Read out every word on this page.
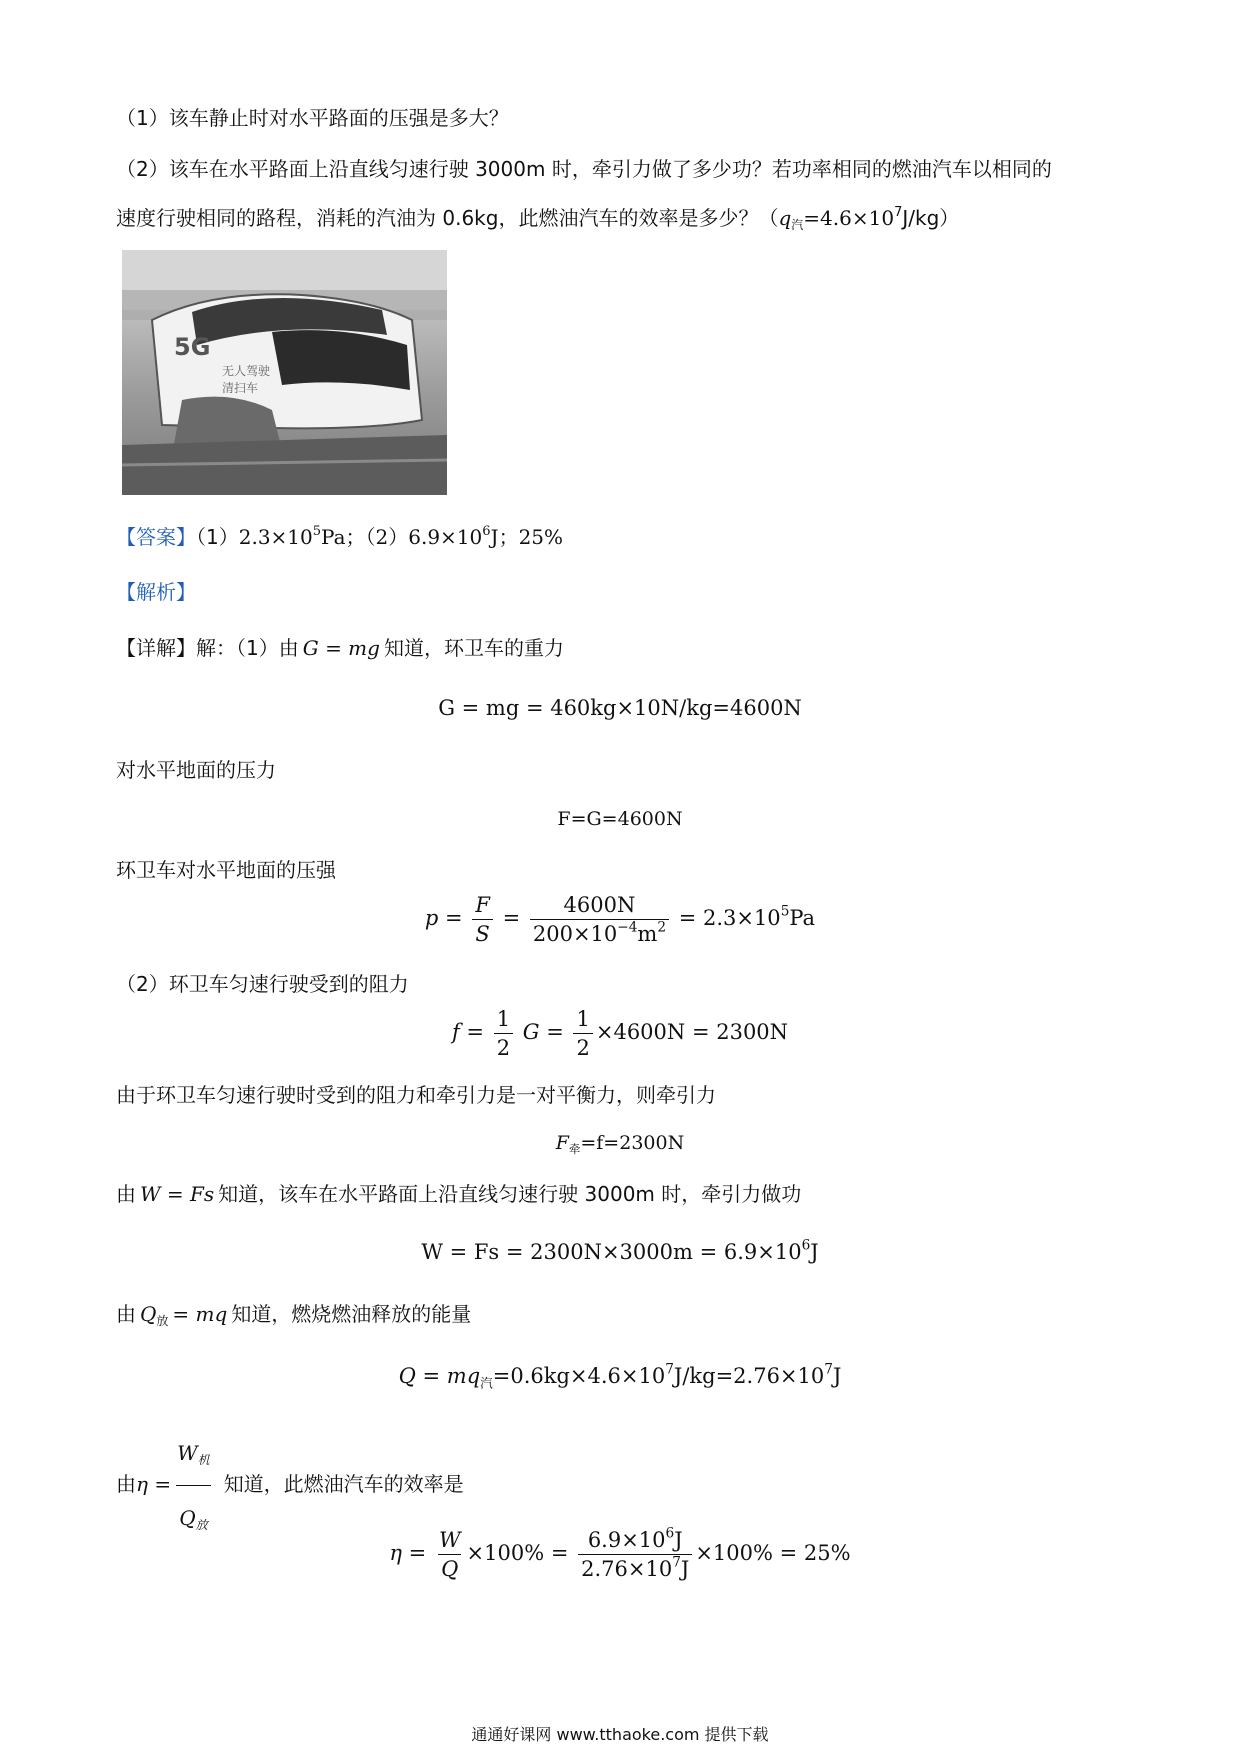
（1）该车静止时对水平路面的压强是多大？
（2）该车在水平路面上沿直线匀速行驶 3000m 时，牵引力做了多少功？若功率相同的燃油汽车以相同的
速度行驶相同的路程，消耗的汽油为 0.6kg，此燃油汽车的效率是多少？$(q_汽=4.6\times 10^7J/kg)$
5G
无人驾驶
清扫车
【答案】$(1)2.3\times 10^5Pa$；$(2)6.9\times 10^6J$；25%
【解析】
【详解】解：（1）由 G = mg 知道，环卫车的重力
G = mg = 460kg×10N/kg=4600N
对水平地面的压力
F=G=4600N
环卫车对水平地面的压强
$p = \frac{F}{S} = \frac{4600N}{200\times 10^{-4}m^2} = 2.3\times 10^5Pa$
（2）环卫车匀速行驶受到的阻力
$f = \frac{1}{2}$ $G = \frac{1}{2} \times 4600N = 2300N$
由于环卫车匀速行驶时受到的阻力和牵引力是一对平衡力，则牵引力
$F_牵=f=2300N$
由 W = Fs 知道，该车在水平路面上沿直线匀速行驶 3000m 时，牵引力做功
$W = Fs = 2300N\times 3000m = 6.9\times 10^6J$
由 $Q_放$ = mq 知道，燃烧燃油释放的能量
$Q = mq_汽=0.6kg\times 4.6\times 10^7J/kg=2.76\times 10^7J$
由$\eta = \frac{W_机}{Q_放}$ 知道，此燃油汽车的效率是
$\eta = \frac{W}{Q} \times 100\% = \frac{6.9\times 10^6J}{2.76\times 10^7J} \times 100\% = 25\%$
通通好课网 www.tthaoke.com 提供下载
